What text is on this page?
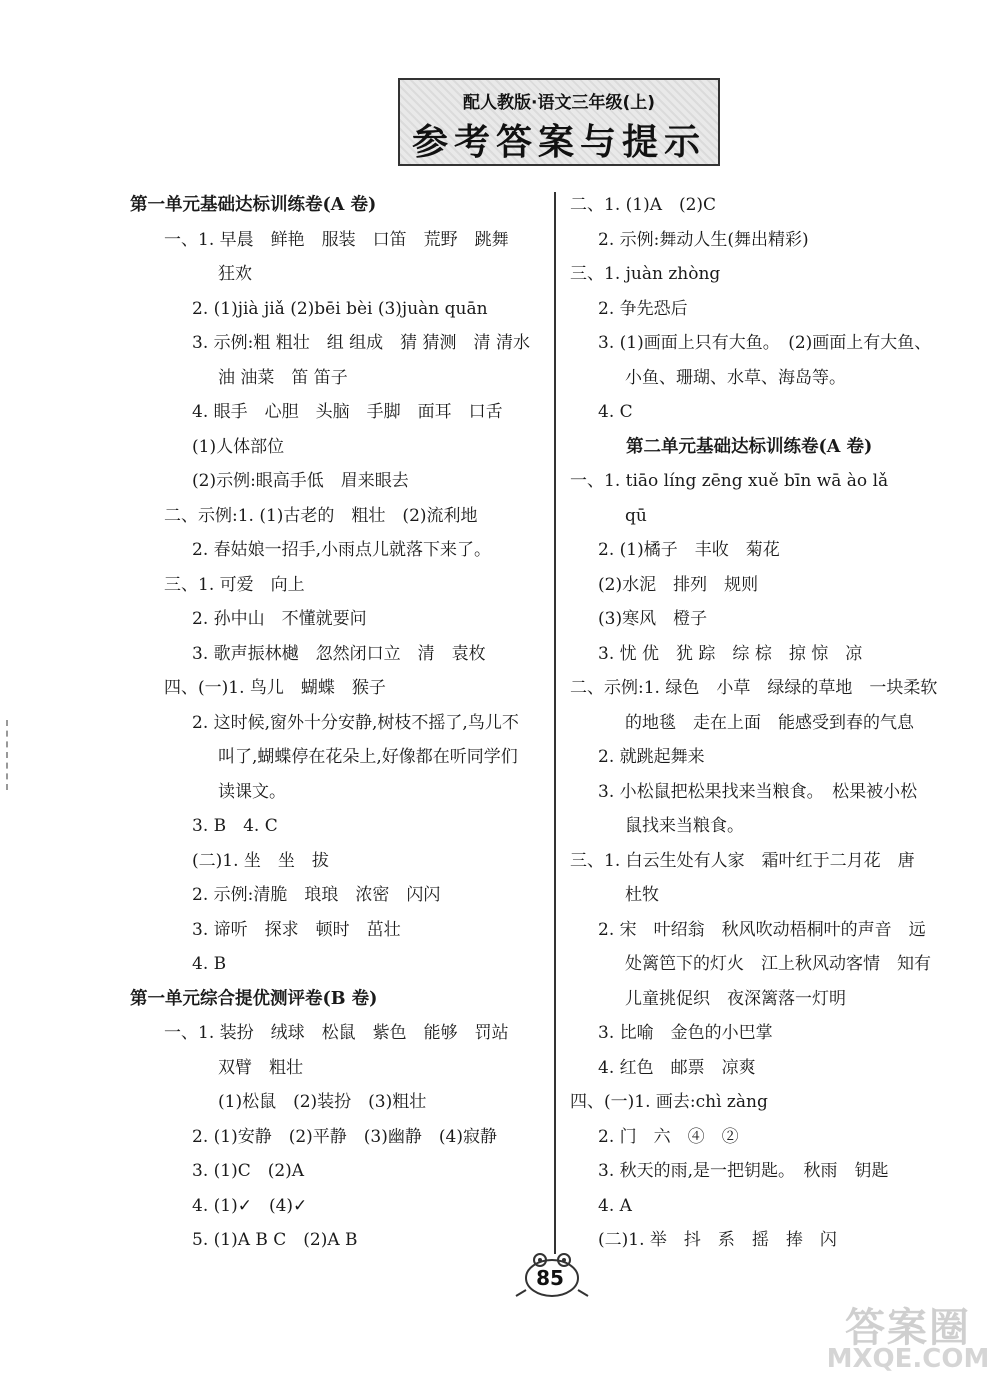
配人教版·语文三年级(上)
参考答案与提示
第一单元基础达标训练卷(A 卷)
一、1. 早晨　鲜艳　服装　口笛　荒野　跳舞
狂欢
2. (1)jià jiǎ (2)bēi bèi (3)juàn quān
3. 示例:粗 粗壮　组 组成　猜 猜测　清 清水
油 油菜　笛 笛子
4. 眼手　心胆　头脑　手脚　面耳　口舌
(1)人体部位
(2)示例:眼高手低　眉来眼去
二、示例:1. (1)古老的　粗壮　(2)流利地
2. 春姑娘一招手,小雨点儿就落下来了。
三、1. 可爱　向上
2. 孙中山　不懂就要问
3. 歌声振林樾　忽然闭口立　清　袁枚
四、(一)1. 鸟儿　蝴蝶　猴子
2. 这时候,窗外十分安静,树枝不摇了,鸟儿不
叫了,蝴蝶停在花朵上,好像都在听同学们
读课文。
3. B　4. C
(二)1. 坐　坐　拔
2. 示例:清脆　琅琅　浓密　闪闪
3. 谛听　探求　顿时　茁壮
4. B
第一单元综合提优测评卷(B 卷)
一、1. 装扮　绒球　松鼠　紫色　能够　罚站
双臂　粗壮
(1)松鼠　(2)装扮　(3)粗壮
2. (1)安静　(2)平静　(3)幽静　(4)寂静
3. (1)C　(2)A
4. (1)✓　(4)✓
5. (1)A B C　(2)A B
二、1. (1)A　(2)C
2. 示例:舞动人生(舞出精彩)
三、1. juàn zhòng
2. 争先恐后
3. (1)画面上只有大鱼。　(2)画面上有大鱼、
小鱼、珊瑚、水草、海岛等。
4. C
第二单元基础达标训练卷(A 卷)
一、1. tiāo líng zēng xuě bīn wā ào lǎ
qū
2. (1)橘子　丰收　菊花
(2)水泥　排列　规则
(3)寒风　橙子
3. 忧 优　犹 踪　综 棕　掠 惊　凉
二、示例:1. 绿色　小草　绿绿的草地　一块柔软
的地毯　走在上面　能感受到春的气息
2. 就跳起舞来
3. 小松鼠把松果找来当粮食。　松果被小松
鼠找来当粮食。
三、1. 白云生处有人家　霜叶红于二月花　唐
杜牧
2. 宋　叶绍翁　秋风吹动梧桐叶的声音　远
处篱笆下的灯火　江上秋风动客情　知有
儿童挑促织　夜深篱落一灯明
3. 比喻　金色的小巴掌
4. 红色　邮票　凉爽
四、(一)1. 画去:chì zàng
2. 门　六　④　②
3. 秋天的雨,是一把钥匙。　秋雨　钥匙
4. A
(二)1. 举　抖　系　摇　捧　闪
85
答案圈
MXQE.COM
